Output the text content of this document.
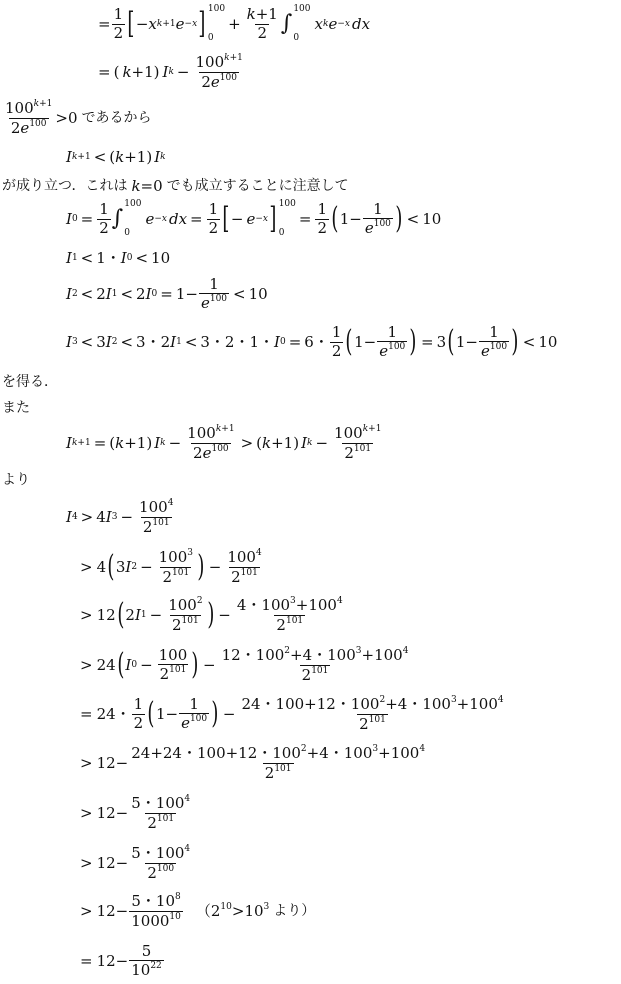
= $\frac{1}{2}$ [ − x k +1 e − x ] 100
0
+ $\frac{k+1}{2}$ ∫
100
0
x k e − x dx
= ( k +1) I $k - \frac{100^{k+1}}{2e^{100}}$
$\frac{100^{k+1}}{2e^{100}} >0$ であるから
I k+1 < ( k +1) I k
が成り立つ．これは k =0 でも成立することに注意して
I $0 = \frac{1}{2}$ ∫
100
0
e − x dx = $\frac{1}{2}$ [ − e − x ] 100
0
= $\frac{1}{2}$ ( $1- \frac{1}{e^{100}}$ ) < 10
I 1 < 1・ I 0 < 10
I 2 < 2 I 1 < 2 I $0 = 1- \frac{1}{e^{100}} < 10$
I 3 < 3 I 2 < 3・2 I 1 < 3・2・1・ I 0 = 6・ $\frac{1}{2}$ ( $1- \frac{1}{e^{100}}$ ) = 3 ( $1- \frac{1}{e^{100}}$ ) < 10
を得る．
また
I k+1 = ( k +1) I $k - \frac{100^{k+1}}{2e^{100}}$ > ( k +1) I $k - \frac{100^{k+1}}{2^{101}}$
より
I 4 > 4 I $3 - \frac{100^4}{2^{101}}$
> 4 ( 3 I $2 - \frac{100^3}{2^{101}}$ ) − $\frac{100^4}{2^{101}}$
> 12 ( 2 I $1 - \frac{100^2}{2^{101}}$ ) − $\frac{4・100^3+100^4}{2^{101}}$
> 24 ( I $0 - \frac{100}{2^{101}}$ ) − $\frac{12・100^2+4・100^3+100^4}{2^{101}}$
= 24・ $\frac{1}{2}$ ( $1- \frac{1}{e^{100}}$ ) − $\frac{24・100+12・100^2+4・100^3+100^4}{2^{101}}$
> $12- \frac{24+24・100+12・100^2+4・100^3+100^4}{2^{101}}$
> $12- \frac{5・100^4}{2^{101}}$
> $12- \frac{5・100^4}{2^{100}}$
> $12- \frac{5・10^8}{1000^{10}} (2^{10}>10^3$ より）
= $12- \frac{5}{10^{22}}$
